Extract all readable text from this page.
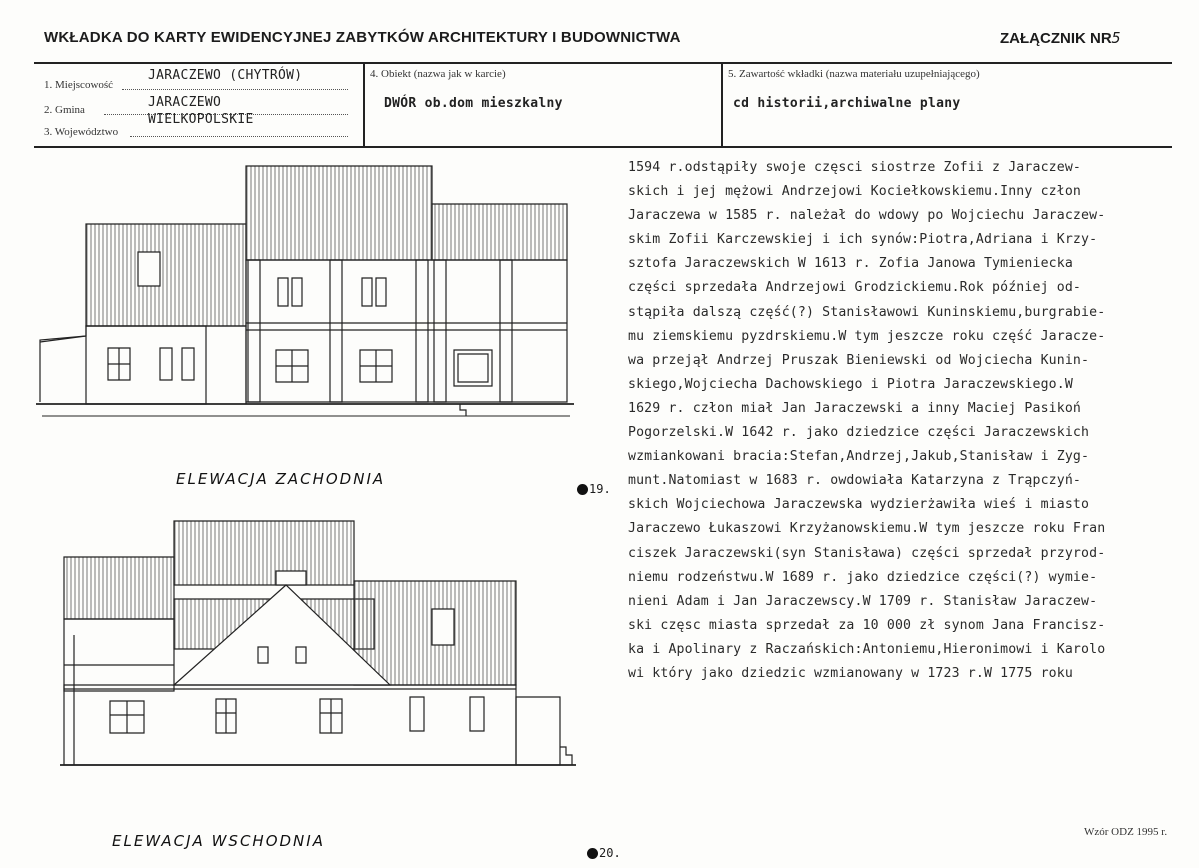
WKŁADKA DO KARTY EWIDENCYJNEJ ZABYTKÓW ARCHITEKTURY I BUDOWNICTWA	ZAŁĄCZNIK NR5
JARACZEWO (CHYTRÓW)
1. Miejscowość
JARACZEWO
2. Gmina
WIELKOPOLSKIE
3. Województwo
4. Obiekt (nazwa jak w karcie)
DWÓR ob.dom mieszkalny
5. Zawartość wkładki (nazwa materiału uzupełniającego)
cd historii,archiwalne plany
ELEWACJA ZACHODNIA
19.
ELEWACJA WSCHODNIA
20.
1594 r.odstąpiły swoje częsci siostrze Zofii z Jaraczew-
skich i jej mężowi Andrzejowi Kociełkowskiemu.Inny człon
Jaraczewa w 1585 r. należał do wdowy po Wojciechu Jaraczew-
skim Zofii Karczewskiej i ich synów:Piotra,Adriana i Krzy-
sztofa Jaraczewskich W 1613 r. Zofia Janowa Tymieniecka
części sprzedała Andrzejowi Grodzickiemu.Rok później od-
stąpiła dalszą część(?) Stanisławowi Kuninskiemu,burgrabie-
mu ziemskiemu pyzdrskiemu.W tym jeszcze roku część Jaracze-
wa przejął Andrzej Pruszak Bieniewski od Wojciecha Kunin-
skiego,Wojciecha Dachowskiego i Piotra Jaraczewskiego.W
1629 r. człon miał Jan Jaraczewski a inny Maciej Pasikoń
Pogorzelski.W 1642 r. jako dziedzice części Jaraczewskich
wzmiankowani bracia:Stefan,Andrzej,Jakub,Stanisław i Zyg-
munt.Natomiast w 1683 r. owdowiała Katarzyna z Trąpczyń-
skich Wojciechowa Jaraczewska wydzierżawiła wieś i miasto
Jaraczewo Łukaszowi Krzyżanowskiemu.W tym jeszcze roku Fran
ciszek Jaraczewski(syn Stanisława) części sprzedał przyrod-
niemu rodzeństwu.W 1689 r. jako dziedzice części(?) wymie-
nieni Adam i Jan Jaraczewscy.W 1709 r. Stanisław Jaraczew-
ski częsc miasta sprzedał za 10 000 zł synom Jana Francisz-
ka i Apolinary z Raczańskich:Antoniemu,Hieronimowi i Karolo
wi który jako dziedzic wzmianowany w 1723 r.W 1775 roku
Wzór ODZ 1995 r.
